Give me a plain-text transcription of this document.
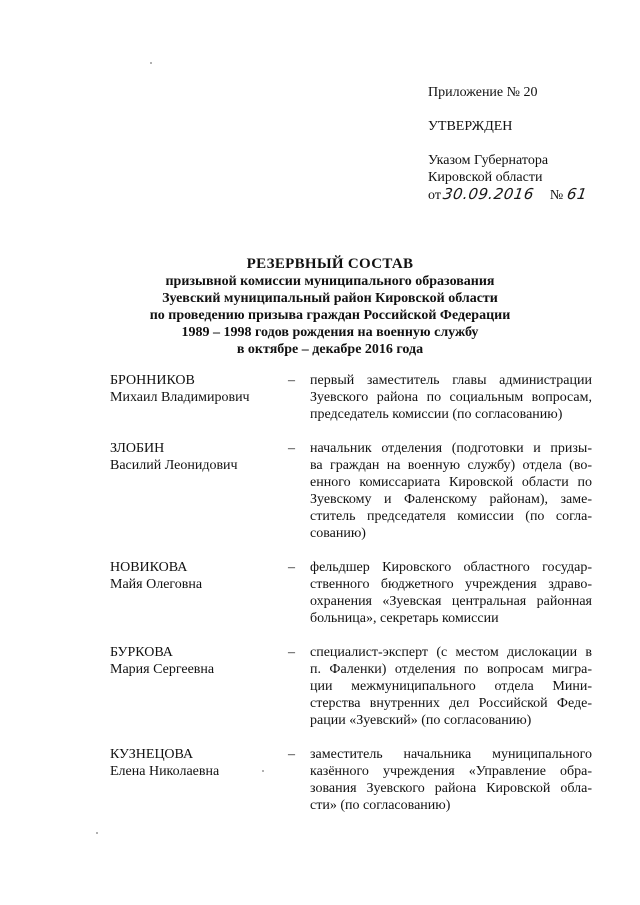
Приложение № 20
УТВЕРЖДЕН
Указом Губернатора
Кировской области
от 30.09.2016 № 61
РЕЗЕРВНЫЙ СОСТАВ
призывной комиссии муниципального образования
Зуевский муниципальный район Кировской области
по проведению призыва граждан Российской Федерации
1989 – 1998 годов рождения на военную службу
в октябре – декабре 2016 года
БРОННИКОВ
Михаил Владимирович
–	первый заместитель главы администрации
Зуевского района по социальным вопросам,
председатель комиссии (по согласованию)
ЗЛОБИН
Василий Леонидович
–	начальник отделения (подготовки и призы-
ва граждан на военную службу) отдела (во-
енного комиссариата Кировской области по
Зуевскому и Фаленскому районам), заме-
ститель председателя комиссии (по согла-
сованию)
НОВИКОВА
Майя Олеговна
–	фельдшер Кировского областного государ-
ственного бюджетного учреждения здраво-
охранения «Зуевская центральная районная
больница», секретарь комиссии
БУРКОВА
Мария Сергеевна
–	специалист-эксперт (с местом дислокации в
п. Фаленки) отделения по вопросам мигра-
ции межмуниципального отдела Мини-
стерства внутренних дел Российской Феде-
рации «Зуевский» (по согласованию)
КУЗНЕЦОВА
Елена Николаевна
–	заместитель начальника муниципального
казённого учреждения «Управление обра-
зования Зуевского района Кировской обла-
сти» (по согласованию)
